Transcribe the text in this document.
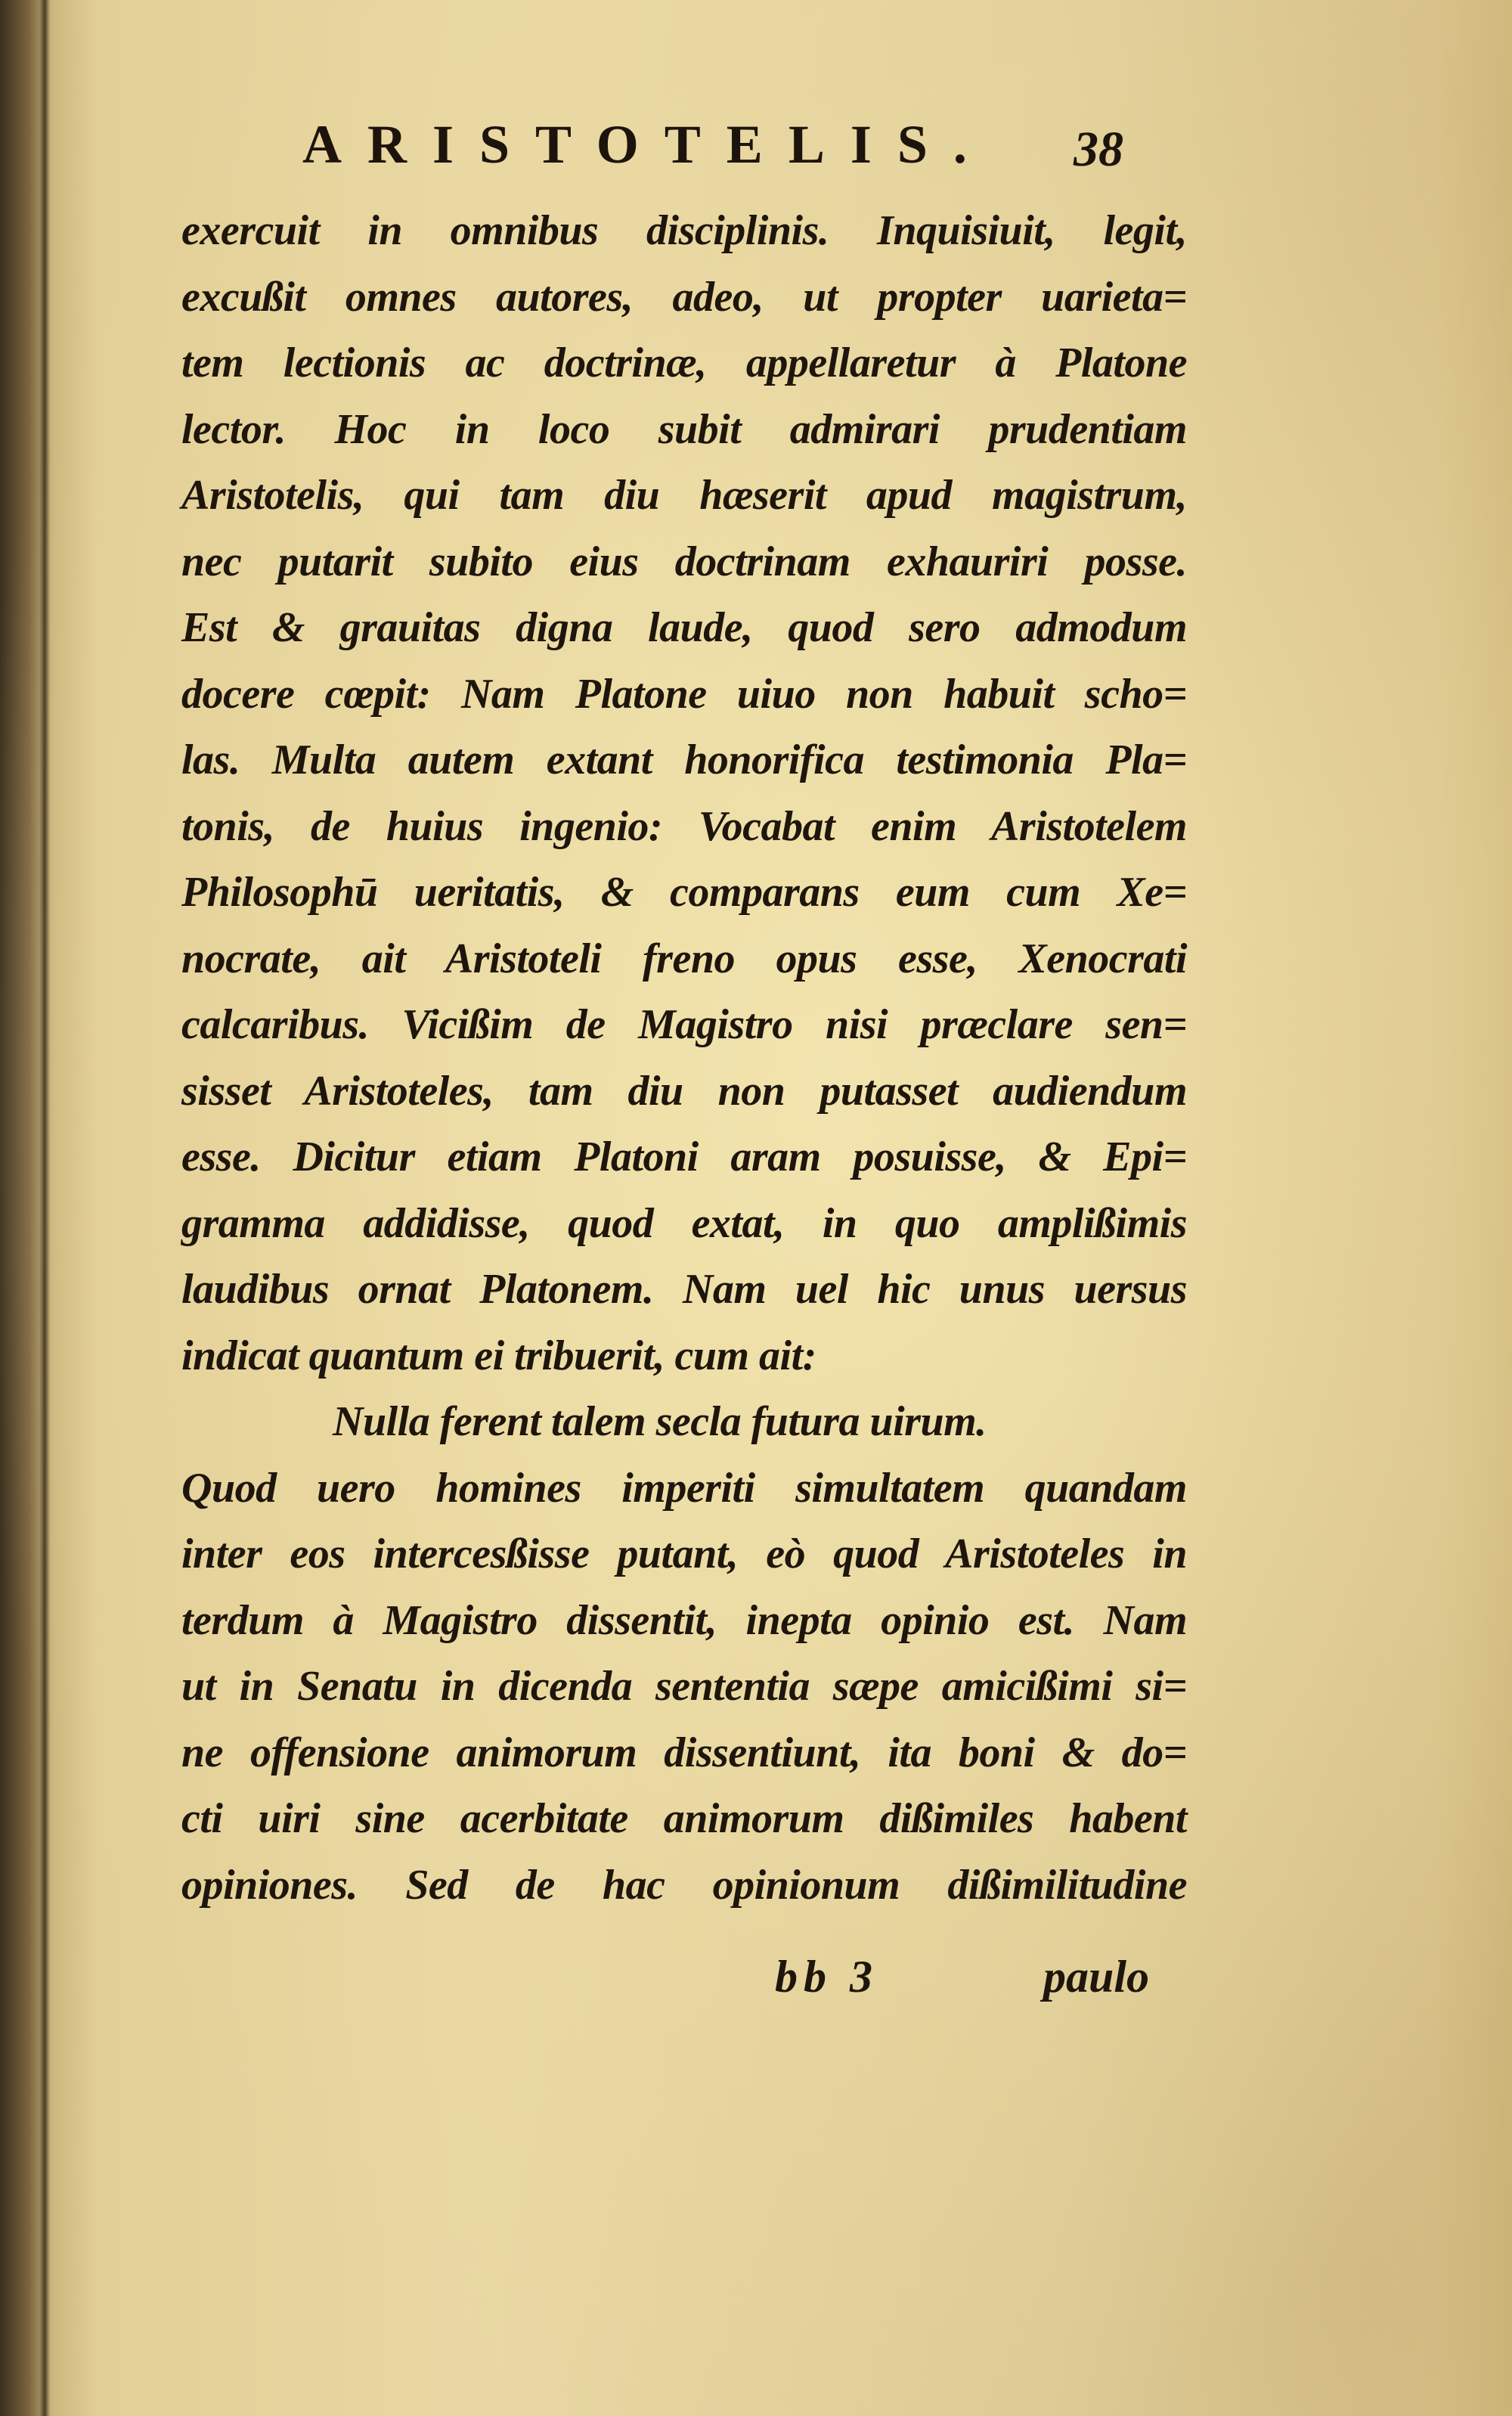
ARISTOTELIS. 38
exercuit in omnibus disciplinis. Inquisiuit, legit,
excußit omnes autores, adeo, ut propter uarieta=
tem lectionis ac doctrinæ, appellaretur à Platone
lector. Hoc in loco subit admirari prudentiam
Aristotelis, qui tam diu hæserit apud magistrum,
nec putarit subito eius doctrinam exhauriri posse.
Est & grauitas digna laude, quod sero admodum
docere cœpit: Nam Platone uiuo non habuit scho=
las. Multa autem extant honorifica testimonia Pla=
tonis, de huius ingenio: Vocabat enim Aristotelem
Philosophū ueritatis, & comparans eum cum Xe=
nocrate, ait Aristoteli freno opus esse, Xenocrati
calcaribus. Vicißim de Magistro nisi præclare sen=
sisset Aristoteles, tam diu non putasset audiendum
esse. Dicitur etiam Platoni aram posuisse, & Epi=
gramma addidisse, quod extat, in quo amplißimis
laudibus ornat Platonem. Nam uel hic unus uersus
indicat quantum ei tribuerit, cum ait:
Nulla ferent talem secla futura uirum.
Quod uero homines imperiti simultatem quandam
inter eos intercesßisse putant, eò quod Aristoteles in
terdum à Magistro dissentit, inepta opinio est. Nam
ut in Senatu in dicenda sententia sæpe amicißimi si=
ne offensione animorum dissentiunt, ita boni & do=
cti uiri sine acerbitate animorum dißimiles habent
opiniones. Sed de hac opinionum dißimilitudine
bb 3	paulo
